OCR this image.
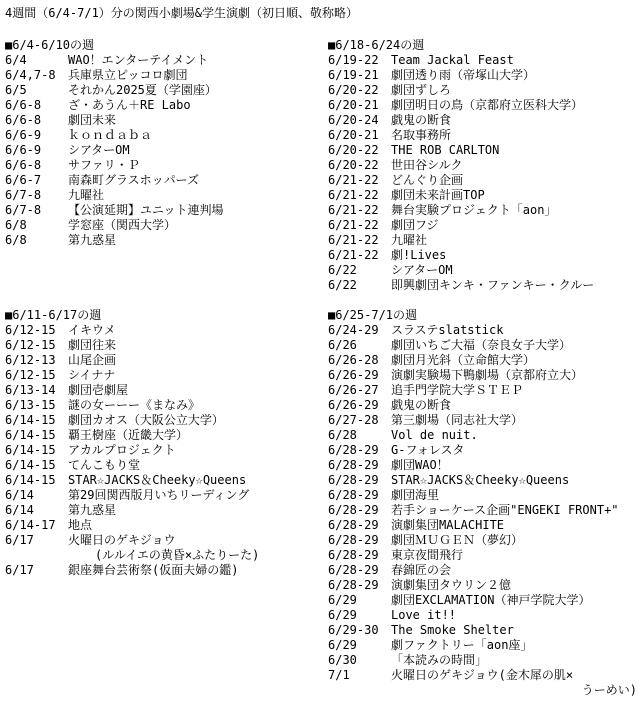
4週間（6/4-7/1）分の関西小劇場&学生演劇（初日順、敬称略）
■6/4-6/10の週
6/4	WAO！エンターテイメント
6/4,7-8 兵庫県立ピッコロ劇団
6/5	それかん2025夏（学園座）
6/6-8 ざ・あうん＋RE Labo
6/6-8 劇団未来
6/6-9 ｋｏｎｄａｂａ
6/6-9 シアターOM
6/6-8 サファリ・Ｐ
6/6-7 南森町グラスホッパーズ
6/7-8 九曜社
6/7-8 【公演延期】ユニット連判場
6/8	学窓座（関西大学）
6/8	第九惑星
■6/11-6/17の週
6/12-15 イキウメ
6/12-15 劇団往来
6/12-13 山尾企画
6/12-15 シイナナ
6/13-14 劇団壱劇屋
6/13-15 謎の女ーーー《まなみ》
6/14-15 劇団カオス（大阪公立大学）
6/14-15 覇王樹座（近畿大学）
6/14-15 アカルプロジェクト
6/14-15 てんこもり堂
6/14-15 STAR☆JACKS＆Cheeky☆Queens
6/14	第29回関西版月いちリーディング
6/14	第九惑星
6/14-17 地点
6/17	火曜日のゲキジョウ
(ルルイエの黄昏×ふたりーた)
6/17	銀座舞台芸術祭(仮面夫婦の鑑)
■6/18-6/24の週
6/19-22 Team Jackal Feast
6/19-21 劇団透り雨（帝塚山大学）
6/20-22 劇団ずしろ
6/20-21 劇団明日の鳥（京都府立医科大学）
6/20-24 戯鬼の断食
6/20-21 名取事務所
6/20-22 THE ROB CARLTON
6/20-22 世田谷シルク
6/21-22 どんぐり企画
6/21-22 劇団未来計画TOP
6/21-22 舞台実験プロジェクト「aon」
6/21-22 劇団フジ
6/21-22 九曜社
6/21-22 劇!Lives
6/22	シアターOM
6/22	即興劇団キンキ・ファンキー・クルー
■6/25-7/1の週
6/24-29 スラステslatstick
6/26	劇団いちご大福（奈良女子大学）
6/26-28 劇団月光斜（立命館大学）
6/26-29 演劇実験場下鴨劇場（京都府立大）
6/26-27 追手門学院大学ＳＴＥＰ
6/26-29 戯鬼の断食
6/27-28 第三劇場（同志社大学）
6/28	Vol de nuit.
6/28-29 G-フォレスタ
6/28-29 劇団WAO！
6/28-29 STAR☆JACKS＆Cheeky☆Queens
6/28-29 劇団海里
6/28-29 若手ショーケース企画"ENGEKI FRONT+"
6/28-29 演劇集団MALACHITE
6/28-29 劇団ＭＵＧＥＮ（夢幻）
6/28-29 東京夜間飛行
6/28-29 春錦匠の会
6/28-29 演劇集団タウリン２億
6/29	劇団EXCLAMATION（神戸学院大学）
6/29	Love it!!
6/29-30 The Smoke Shelter
6/29	劇ファクトリー「aon座」
6/30	「本読みの時間」
7/1	火曜日のゲキジョウ(金木犀の肌×
うーめい)
